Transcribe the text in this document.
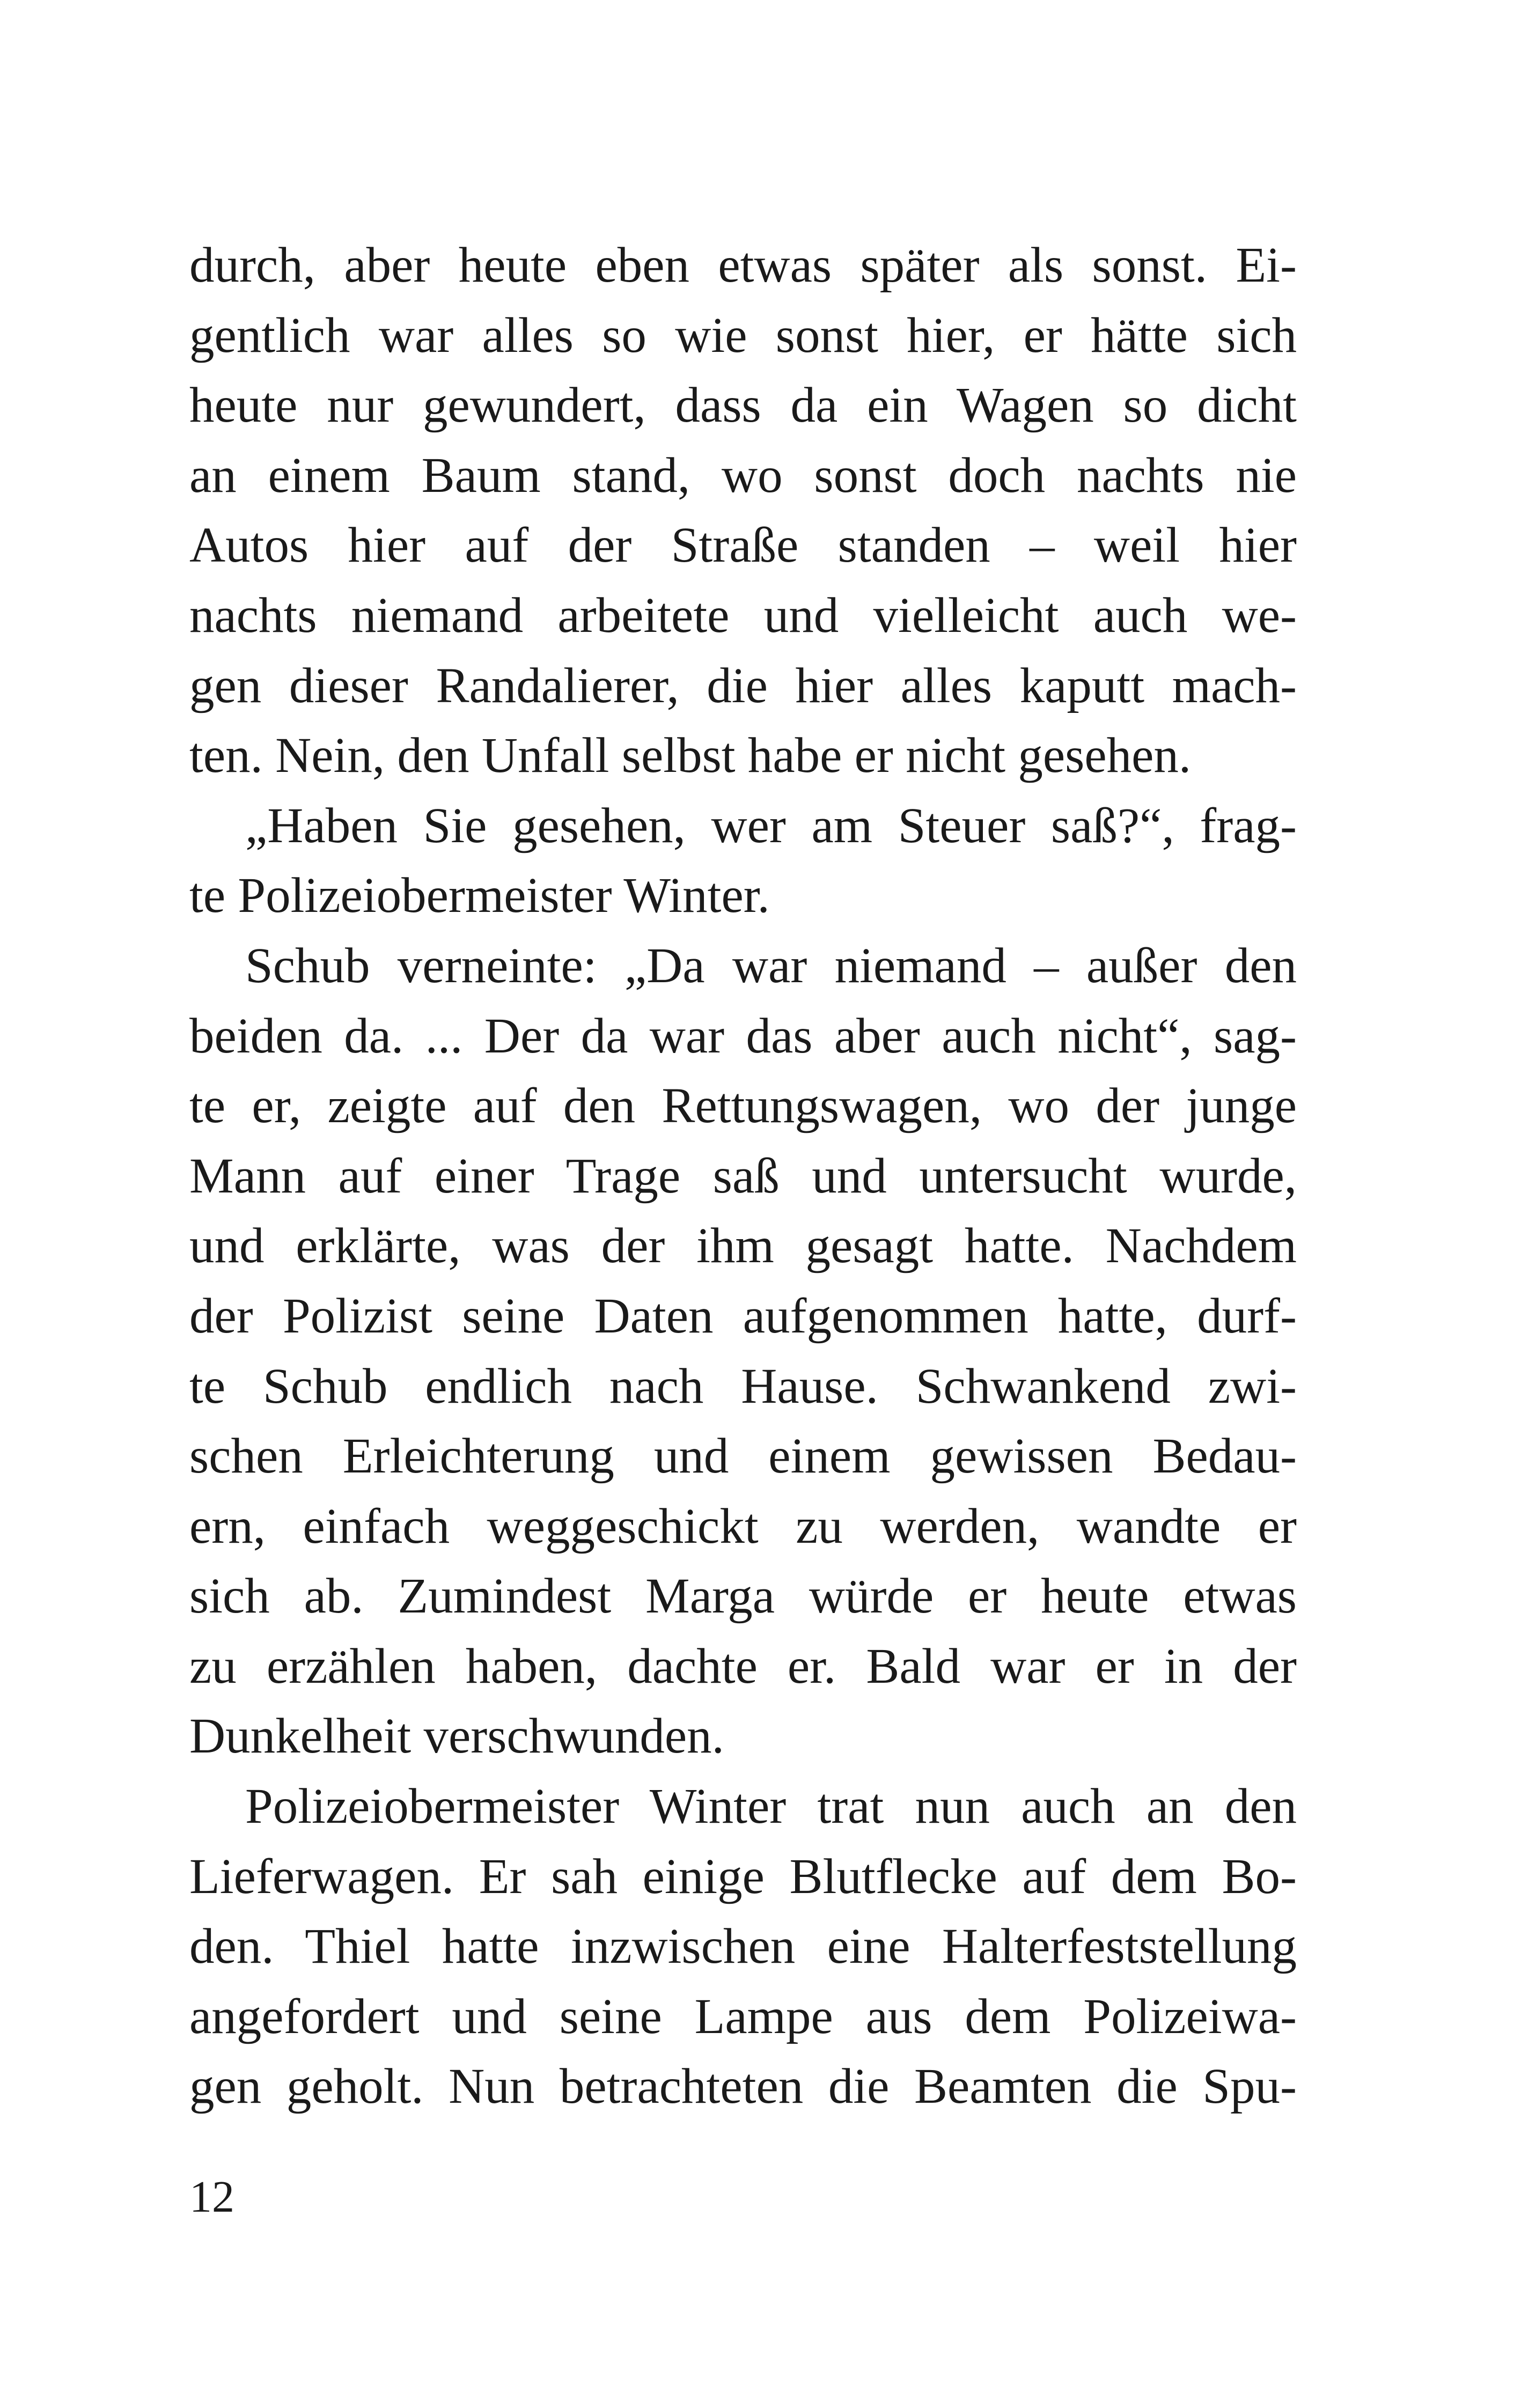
durch, aber heute eben etwas später als sonst. Ei-
gentlich war alles so wie sonst hier, er hätte sich
heute nur gewundert, dass da ein Wagen so dicht
an einem Baum stand, wo sonst doch nachts nie
Autos hier auf der Straße standen – weil hier
nachts niemand arbeitete und vielleicht auch we-
gen dieser Randalierer, die hier alles kaputt mach-
ten. Nein, den Unfall selbst habe er nicht gesehen.
„Haben Sie gesehen, wer am Steuer saß?“, frag-
te Polizeiobermeister Winter.
Schub verneinte: „Da war niemand – außer den
beiden da. ... Der da war das aber auch nicht“, sag-
te er, zeigte auf den Rettungswagen, wo der junge
Mann auf einer Trage saß und untersucht wurde,
und erklärte, was der ihm gesagt hatte. Nachdem
der Polizist seine Daten aufgenommen hatte, durf-
te Schub endlich nach Hause. Schwankend zwi-
schen Erleichterung und einem gewissen Bedau-
ern, einfach weggeschickt zu werden, wandte er
sich ab. Zumindest Marga würde er heute etwas
zu erzählen haben, dachte er. Bald war er in der
Dunkelheit verschwunden.
Polizeiobermeister Winter trat nun auch an den
Lieferwagen. Er sah einige Blutflecke auf dem Bo-
den. Thiel hatte inzwischen eine Halterfeststellung
angefordert und seine Lampe aus dem Polizeiwa-
gen geholt. Nun betrachteten die Beamten die Spu-
12
